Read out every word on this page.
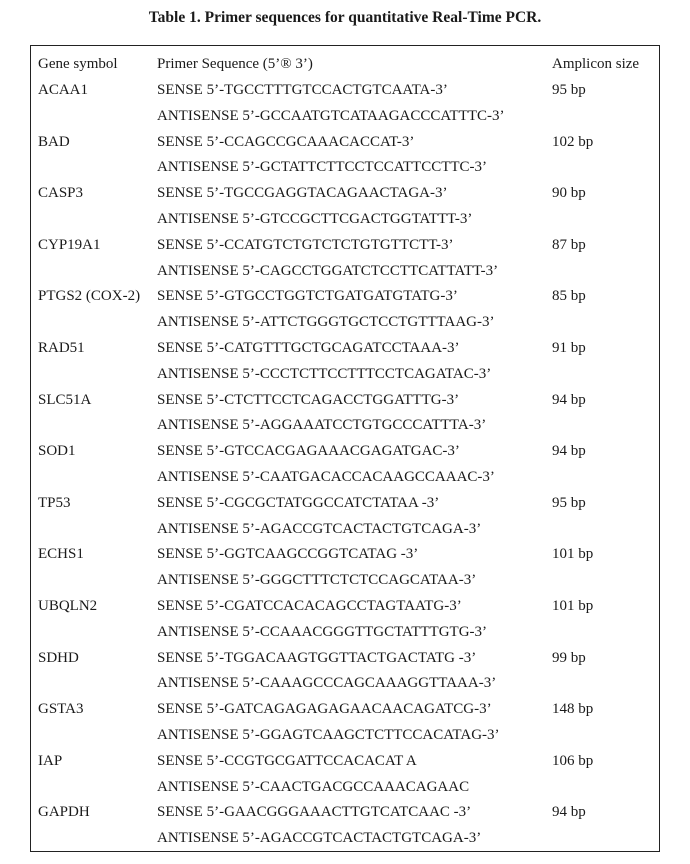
Table 1. Primer sequences for quantitative Real-Time PCR.
Gene symbol	Primer Sequence (5’® 3’)	Amplicon size
ACAA1	SENSE 5’-TGCCTTTGTCCACTGTCAATA-3’	95 bp
ANTISENSE 5’-GCCAATGTCATAAGACCCATTTC-3’
BAD	SENSE 5’-CCAGCCGCAAACACCAT-3’	102 bp
ANTISENSE 5’-GCTATTCTTCCTCCATTCCTTC-3’
CASP3	SENSE 5’-TGCCGAGGTACAGAACTAGA-3’	90 bp
ANTISENSE 5’-GTCCGCTTCGACTGGTATTT-3’
CYP19A1	SENSE 5’-CCATGTCTGTCTCTGTGTTCTT-3’	87 bp
ANTISENSE 5’-CAGCCTGGATCTCCTTCATTATT-3’
PTGS2 (COX-2) SENSE 5’-GTGCCTGGTCTGATGATGTATG-3’	85 bp
ANTISENSE 5’-ATTCTGGGTGCTCCTGTTTAAG-3’
RAD51	SENSE 5’-CATGTTTGCTGCAGATCCTAAA-3’	91 bp
ANTISENSE 5’-CCCTCTTCCTTTCCTCAGATAC-3’
SLC51A	SENSE 5’-CTCTTCCTCAGACCTGGATTTG-3’	94 bp
ANTISENSE 5’-AGGAAATCCTGTGCCCATTTA-3’
SOD1	SENSE 5’-GTCCACGAGAAACGAGATGAC-3’	94 bp
ANTISENSE 5’-CAATGACACCACAAGCCAAAC-3’
TP53	SENSE 5’-CGCGCTATGGCCATCTATAA -3’	95 bp
ANTISENSE 5’-AGACCGTCACTACTGTCAGA-3’
ECHS1	SENSE 5’-GGTCAAGCCGGTCATAG -3’	101 bp
ANTISENSE 5’-GGGCTTTCTCTCCAGCATAA-3’
UBQLN2	SENSE 5’-CGATCCACACAGCCTAGTAATG-3’	101 bp
ANTISENSE 5’-CCAAACGGGTTGCTATTTGTG-3’
SDHD	SENSE 5’-TGGACAAGTGGTTACTGACTATG -3’	99 bp
ANTISENSE 5’-CAAAGCCCAGCAAAGGTTAAA-3’
GSTA3	SENSE 5’-GATCAGAGAGAGAACAACAGATCG-3’	148 bp
ANTISENSE 5’-GGAGTCAAGCTCTTCCACATAG-3’
IAP	SENSE 5’-CCGTGCGATTCCACACAT A	106 bp
ANTISENSE 5’-CAACTGACGCCAAACAGAAC
GAPDH	SENSE 5’-GAACGGGAAACTTGTCATCAAC -3’	94 bp
ANTISENSE 5’-AGACCGTCACTACTGTCAGA-3’
